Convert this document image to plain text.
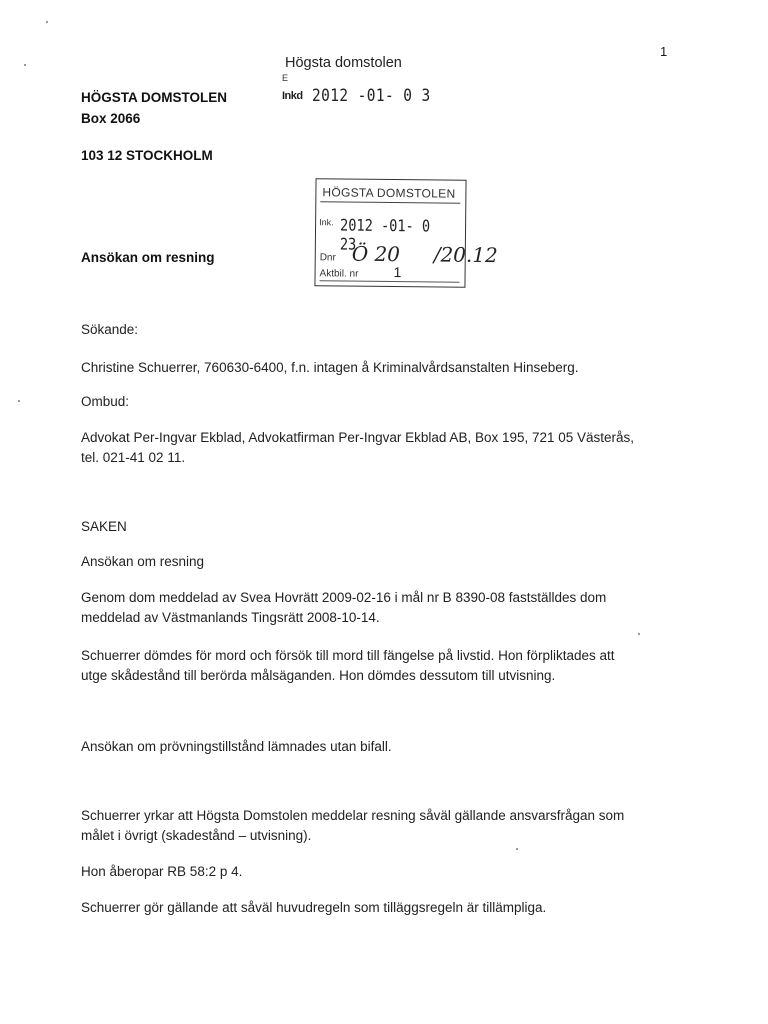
1
Högsta domstolen
E
Inkd 2012 -01- 0 3
HÖGSTA DOMSTOLEN
Box 2066
103 12 STOCKHOLM
HÖGSTA DOMSTOLEN
Ink. 2012 -01- 0 23
Dnr Ö 20 /20.12
Aktbil. nr 1
Ansökan om resning
Sökande:
Christine Schuerrer, 760630-6400, f.n. intagen å Kriminalvårdsanstalten Hinseberg.
Ombud:
Advokat Per-Ingvar Ekblad, Advokatfirman Per-Ingvar Ekblad AB, Box 195, 721 05 Västerås,
tel. 021-41 02 11.
SAKEN
Ansökan om resning
Genom dom meddelad av Svea Hovrätt 2009-02-16 i mål nr B 8390-08 fastställdes dom
meddelad av Västmanlands Tingsrätt 2008-10-14.
Schuerrer dömdes för mord och försök till mord till fängelse på livstid. Hon förpliktades att
utge skådestånd till berörda målsäganden. Hon dömdes dessutom till utvisning.
Ansökan om prövningstillstånd lämnades utan bifall.
Schuerrer yrkar att Högsta Domstolen meddelar resning såväl gällande ansvarsfrågan som
målet i övrigt (skadestånd – utvisning).
Hon åberopar RB 58:2 p 4.
Schuerrer gör gällande att såväl huvudregeln som tilläggsregeln är tillämpliga.
